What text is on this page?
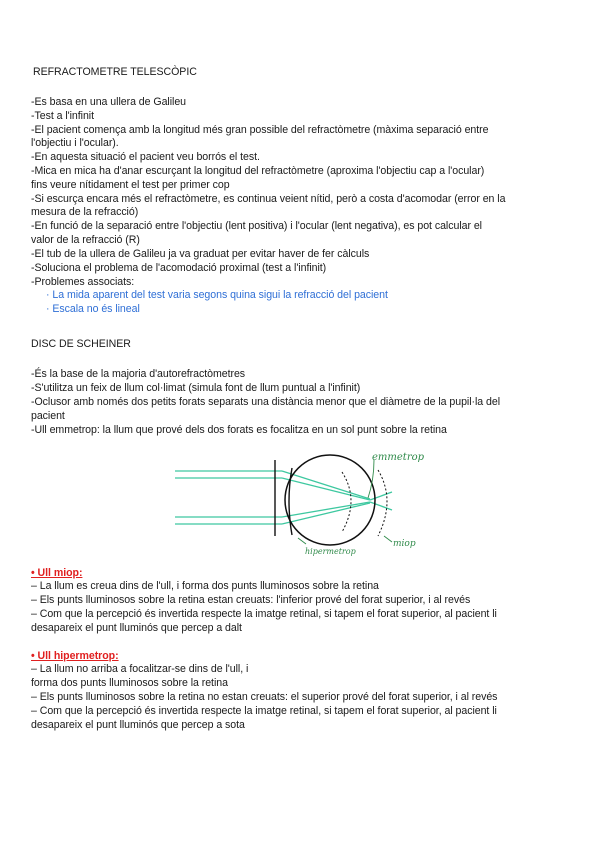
REFRACTOMETRE TELESCÒPIC
-Es basa en una ullera de Galileu
-Test a l'infinit
-El pacient comença amb la longitud més gran possible del refractòmetre (màxima separació entre
l'objectiu i l'ocular).
-En aquesta situació el pacient veu borrós el test.
-Mica en mica ha d'anar escurçant la longitud del refractòmetre (aproxima l'objectiu cap a l'ocular)
fins veure nítidament el test per primer cop
-Si escurça encara més el refractòmetre, es continua veient nítid, però a costa d'acomodar (error en la
mesura de la refracció)
-En funció de la separació entre l'objectiu (lent positiva) i l'ocular (lent negativa), es pot calcular el
valor de la refracció (R)
-El tub de la ullera de Galileu ja va graduat per evitar haver de fer càlculs
-Soluciona el problema de l'acomodació proximal (test a l'infinit)
-Problemes associats:
· La mida aparent del test varia segons quina sigui la refracció del pacient
· Escala no és lineal
DISC DE SCHEINER
-És la base de la majoria d'autorefractòmetres
-S'utilitza un feix de llum col·limat (simula font de llum puntual a l'infinit)
-Oclusor amb només dos petits forats separats una distància menor que el diàmetre de la pupil·la del
pacient
-Ull emmetrop: la llum que prové dels dos forats es focalitza en un sol punt sobre la retina
emmetrop
hipermetrop
miop
• Ull miop:
– La llum es creua dins de l'ull, i forma dos punts lluminosos sobre la retina
– Els punts lluminosos sobre la retina estan creuats: l'inferior prové del forat superior, i al revés
– Com que la percepció és invertida respecte la imatge retinal, si tapem el forat superior, al pacient li
desapareix el punt lluminós que percep a dalt
• Ull hipermetrop:
– La llum no arriba a focalitzar-se dins de l'ull, i
forma dos punts lluminosos sobre la retina
– Els punts lluminosos sobre la retina no estan creuats: el superior prové del forat superior, i al revés
– Com que la percepció és invertida respecte la imatge retinal, si tapem el forat superior, al pacient li
desapareix el punt lluminós que percep a sota
